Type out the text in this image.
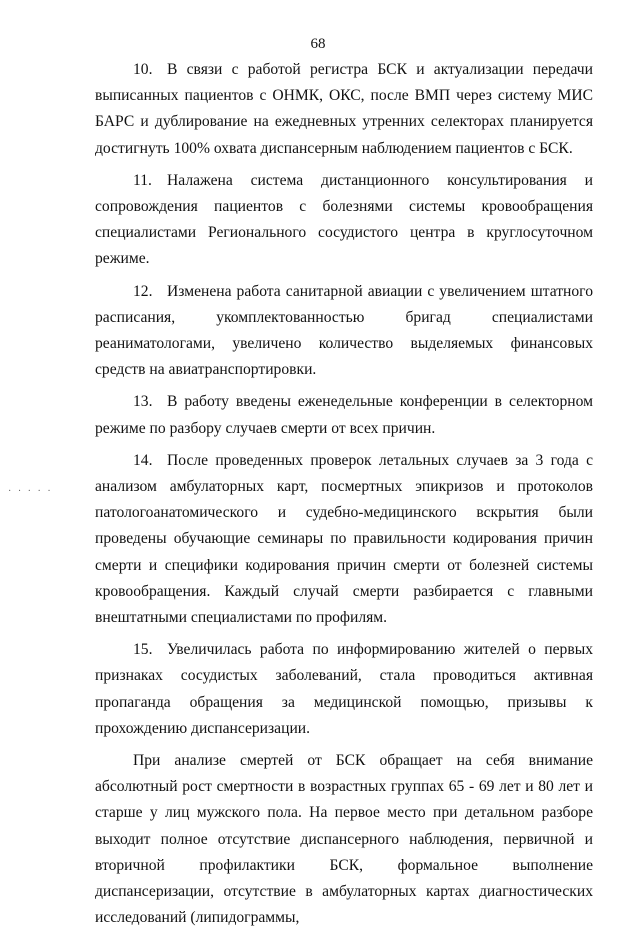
68
· · · · ·

10. В связи с работой регистра БСК и актуализации передачи выписанных пациентов с ОНМК, ОКС, после ВМП через систему МИС БАРС и дублирование на ежедневных утренних селекторах планируется достигнуть 100% охвата диспансерным наблюдением пациентов с БСК.

11. Налажена система дистанционного консультирования и сопровождения пациентов с болезнями системы кровообращения специалистами Регионального сосудистого центра в круглосуточном режиме.

12. Изменена работа санитарной авиации с увеличением штатного расписания, укомплектованностью бригад специалистами реаниматологами, увеличено количество выделяемых финансовых средств на авиатранспортировки.

13. В работу введены еженедельные конференции в селекторном режиме по разбору случаев смерти от всех причин.

14. После проведенных проверок летальных случаев за 3 года с анализом амбулаторных карт, посмертных эпикризов и протоколов патологоанатомического и судебно-медицинского вскрытия были проведены обучающие семинары по правильности кодирования причин смерти и специфики кодирования причин смерти от болезней системы кровообращения. Каждый случай смерти разбирается с главными внештатными специалистами по профилям.

15. Увеличилась работа по информированию жителей о первых признаках сосудистых заболеваний, стала проводиться активная пропаганда обращения за медицинской помощью, призывы к прохождению диспансеризации.

При анализе смертей от БСК обращает на себя внимание абсолютный рост смертности в возрастных группах 65 - 69 лет и 80 лет и старше у лиц мужского пола. На первое место при детальном разборе выходит полное отсутствие диспансерного наблюдения, первичной и вторичной профилактики БСК, формальное выполнение диспансеризации, отсутствие в амбулаторных картах диагностических исследований (липидограммы,
